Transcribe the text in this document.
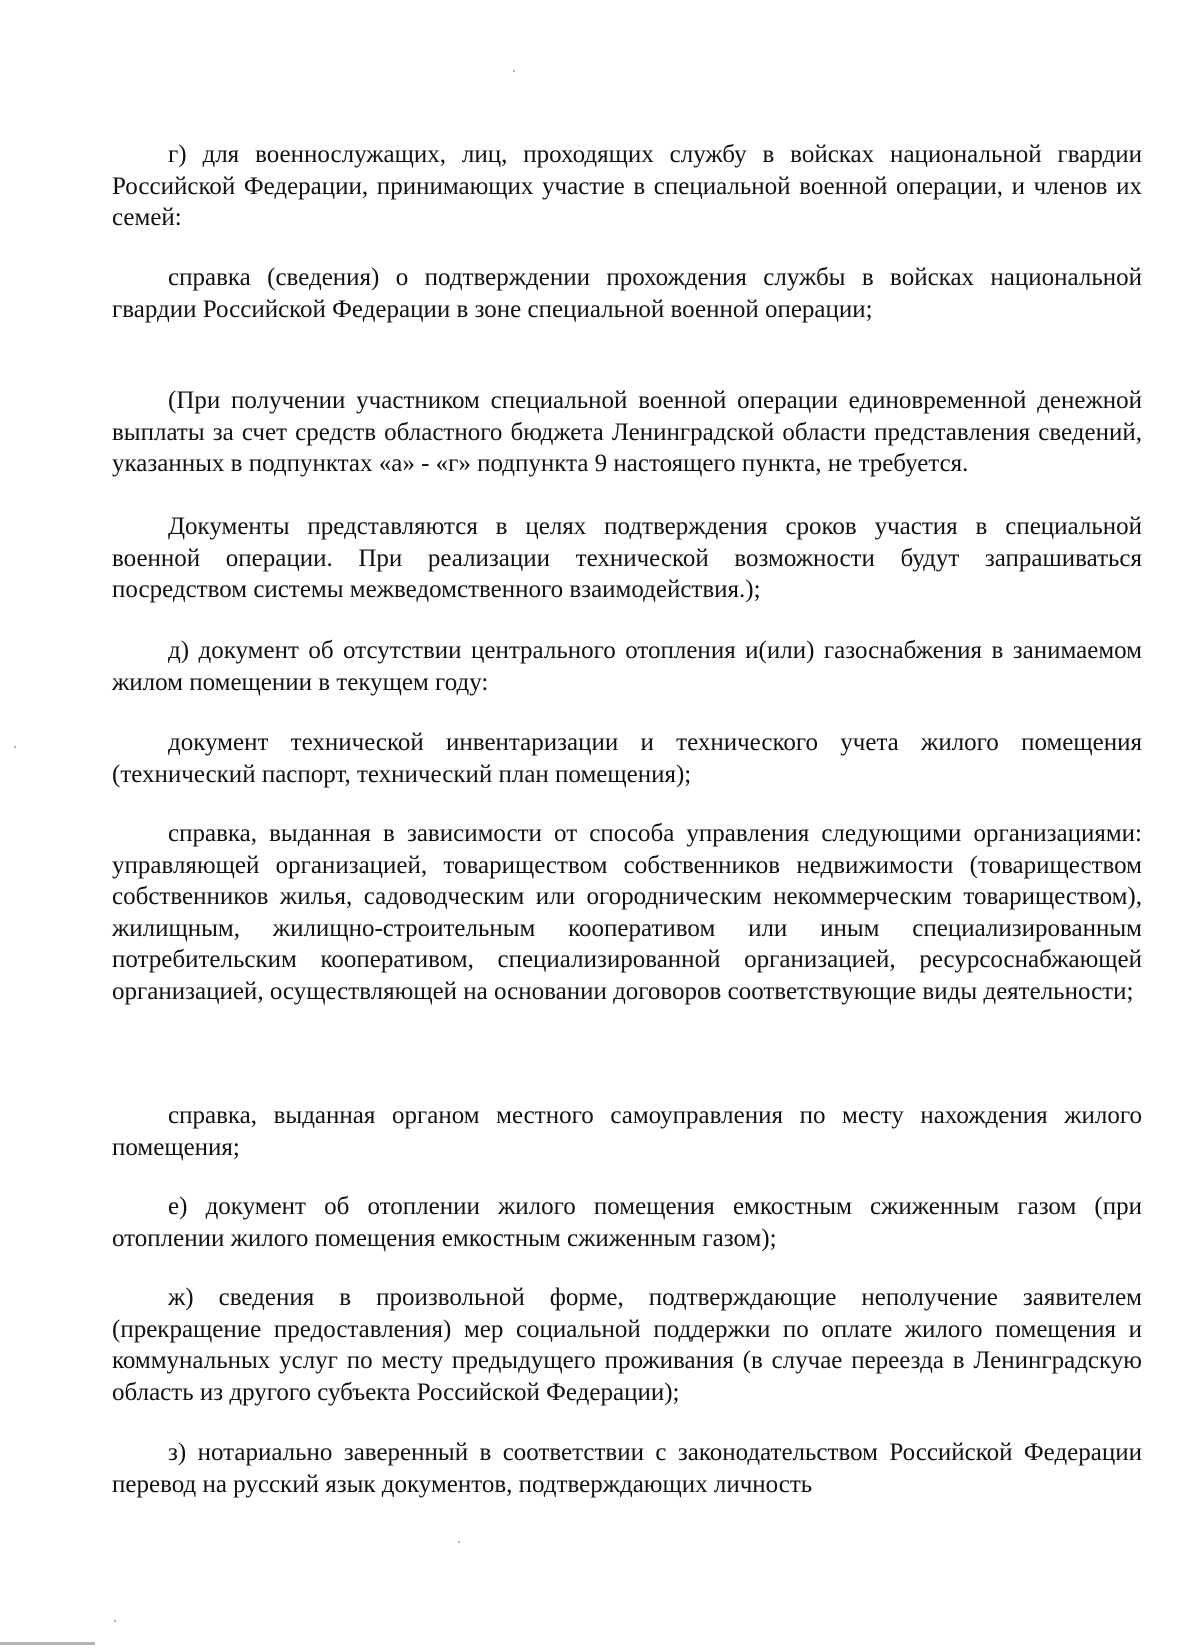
г) для военнослужащих, лиц, проходящих службу в войсках национальной гвардии Российской Федерации, принимающих участие в специальной военной операции, и членов их семей:

справка (сведения) о подтверждении прохождения службы в войсках национальной гвардии Российской Федерации в зоне специальной военной операции;

(При получении участником специальной военной операции единовременной денежной выплаты за счет средств областного бюджета Ленинградской области представления сведений, указанных в подпунктах «а» - «г» подпункта 9 настоящего пункта, не требуется.

Документы представляются в целях подтверждения сроков участия в специальной военной операции. При реализации технической возможности будут запрашиваться посредством системы межведомственного взаимодействия.);

д) документ об отсутствии центрального отопления и(или) газоснабжения в занимаемом жилом помещении в текущем году:

документ технической инвентаризации и технического учета жилого помещения (технический паспорт, технический план помещения);

справка, выданная в зависимости от способа управления следующими организациями: управляющей организацией, товариществом собственников недвижимости (товариществом собственников жилья, садоводческим или огородническим некоммерческим товариществом), жилищным, жилищно-строительным кооперативом или иным специализированным потребительским кооперативом, специализированной организацией, ресурсоснабжающей организацией, осуществляющей на основании договоров соответствующие виды деятельности;

справка, выданная органом местного самоуправления по месту нахождения жилого помещения;

е) документ об отоплении жилого помещения емкостным сжиженным газом (при отоплении жилого помещения емкостным сжиженным газом);

ж) сведения в произвольной форме, подтверждающие неполучение заявителем (прекращение предоставления) мер социальной поддержки по оплате жилого помещения и коммунальных услуг по месту предыдущего проживания (в случае переезда в Ленинградскую область из другого субъекта Российской Федерации);

з) нотариально заверенный в соответствии с законодательством Российской Федерации перевод на русский язык документов, подтверждающих личность
